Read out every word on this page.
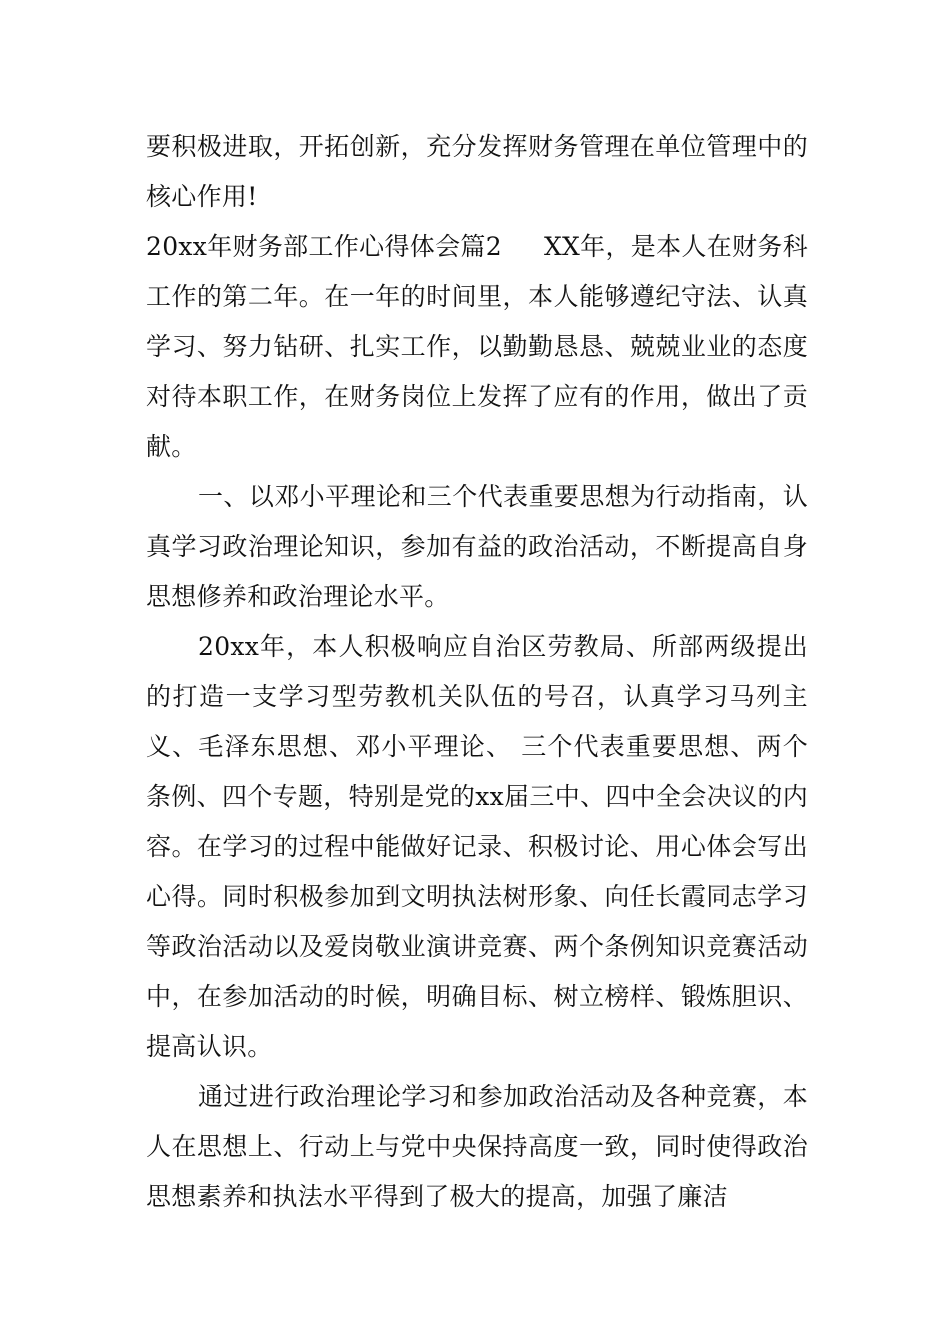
要积极进取，开拓创新，充分发挥财务管理在单位管理中的核心作用!

20xx年财务部工作心得体会篇2 XX年，是本人在财务科工作的第二年。在一年的时间里，本人能够遵纪守法、认真学习、努力钻研、扎实工作，以勤勤恳恳、兢兢业业的态度对待本职工作，在财务岗位上发挥了应有的作用，做出了贡献。

一、以邓小平理论和三个代表重要思想为行动指南，认真学习政治理论知识，参加有益的政治活动，不断提高自身思想修养和政治理论水平。

20xx年，本人积极响应自治区劳教局、所部两级提出的打造一支学习型劳教机关队伍的号召，认真学习马列主义、毛泽东思想、邓小平理论、 三个代表重要思想、两个条例、四个专题，特别是党的xx届三中、四中全会决议的内容。在学习的过程中能做好记录、积极讨论、用心体会写出心得。同时积极参加到文明执法树形象、向任长霞同志学习等政治活动以及爱岗敬业演讲竞赛、两个条例知识竞赛活动中，在参加活动的时候，明确目标、树立榜样、锻炼胆识、提高认识。

通过进行政治理论学习和参加政治活动及各种竞赛，本人在思想上、行动上与党中央保持高度一致，同时使得政治思想素养和执法水平得到了极大的提高，加强了廉洁
